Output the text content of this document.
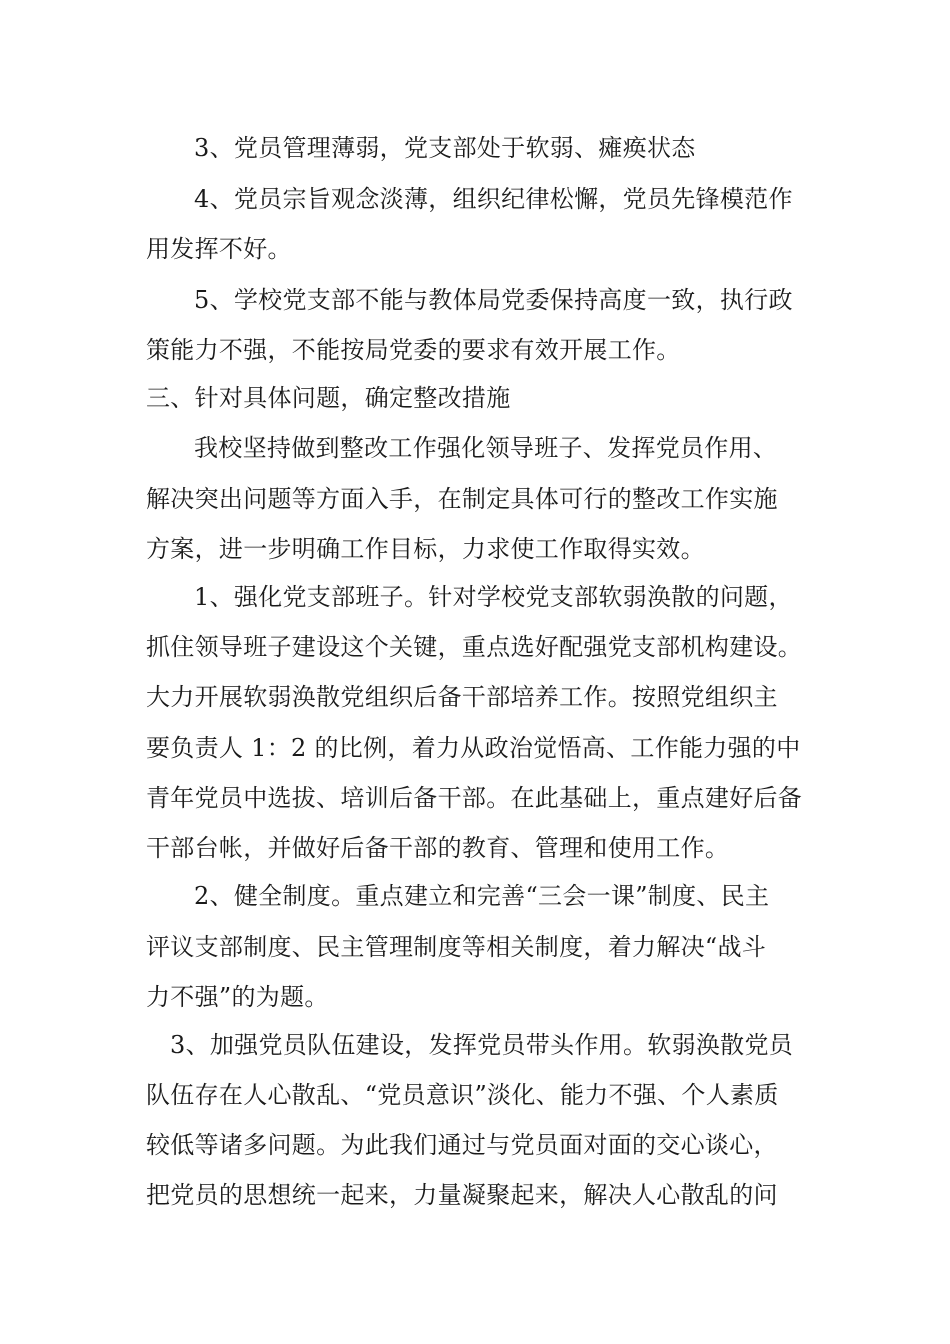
3、党员管理薄弱，党支部处于软弱、瘫痪状态
4、党员宗旨观念淡薄，组织纪律松懈，党员先锋模范作
用发挥不好。
5、学校党支部不能与教体局党委保持高度一致，执行政
策能力不强，不能按局党委的要求有效开展工作。
三、针对具体问题，确定整改措施
我校坚持做到整改工作强化领导班子、发挥党员作用、
解决突出问题等方面入手，在制定具体可行的整改工作实施
方案，进一步明确工作目标，力求使工作取得实效。
1、强化党支部班子。针对学校党支部软弱涣散的问题，
抓住领导班子建设这个关键，重点选好配强党支部机构建设。
大力开展软弱涣散党组织后备干部培养工作。按照党组织主
要负责人 1：2 的比例，着力从政治觉悟高、工作能力强的中
青年党员中选拔、培训后备干部。在此基础上，重点建好后备
干部台帐，并做好后备干部的教育、管理和使用工作。
2、健全制度。重点建立和完善“三会一课”制度、民主
评议支部制度、民主管理制度等相关制度，着力解决“战斗
力不强”的为题。
3、加强党员队伍建设，发挥党员带头作用。软弱涣散党员
队伍存在人心散乱、“党员意识”淡化、能力不强、个人素质
较低等诸多问题。为此我们通过与党员面对面的交心谈心，
把党员的思想统一起来，力量凝聚起来，解决人心散乱的问
